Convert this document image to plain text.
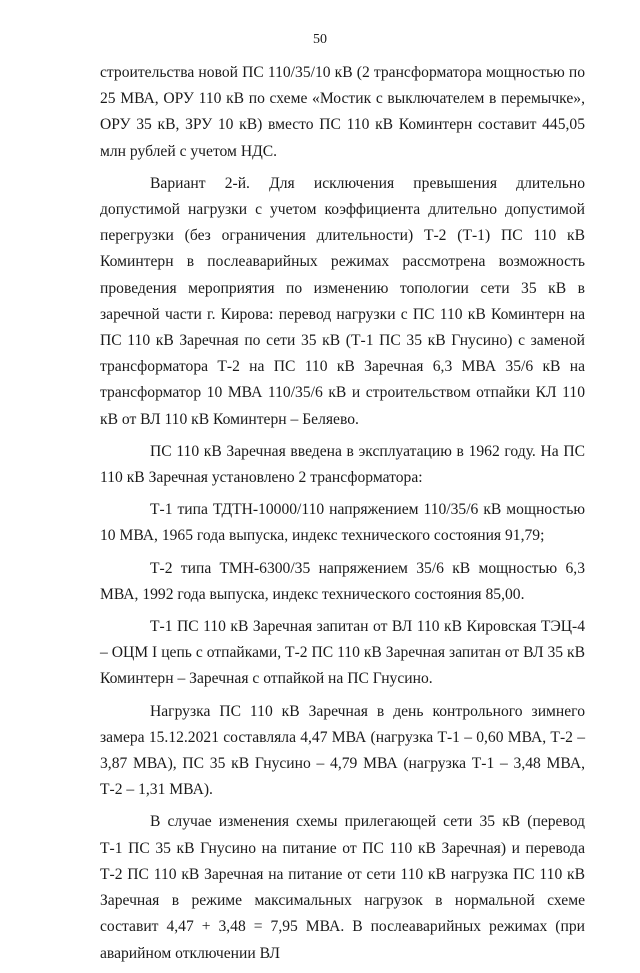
50

строительства новой ПС 110/35/10 кВ (2 трансформатора мощностью по 25 МВА, ОРУ 110 кВ по схеме «Мостик с выключателем в перемычке», ОРУ 35 кВ, ЗРУ 10 кВ) вместо ПС 110 кВ Коминтерн составит 445,05 млн рублей с учетом НДС.

Вариант 2-й. Для исключения превышения длительно допустимой нагрузки с учетом коэффициента длительно допустимой перегрузки (без ограничения длительности) Т-2 (Т-1) ПС 110 кВ Коминтерн в послеаварийных режимах рассмотрена возможность проведения мероприятия по изменению топологии сети 35 кВ в заречной части г. Кирова: перевод нагрузки с ПС 110 кВ Коминтерн на ПС 110 кВ Заречная по сети 35 кВ (Т-1 ПС 35 кВ Гнусино) с заменой трансформатора Т-2 на ПС 110 кВ Заречная 6,3 МВА 35/6 кВ на трансформатор 10 МВА 110/35/6 кВ и строительством отпайки КЛ 110 кВ от ВЛ 110 кВ Коминтерн – Беляево.

ПС 110 кВ Заречная введена в эксплуатацию в 1962 году. На ПС 110 кВ Заречная установлено 2 трансформатора:

Т-1 типа ТДТН-10000/110 напряжением 110/35/6 кВ мощностью 10 МВА, 1965 года выпуска, индекс технического состояния 91,79;

Т-2 типа ТМН-6300/35 напряжением 35/6 кВ мощностью 6,3 МВА, 1992 года выпуска, индекс технического состояния 85,00.

Т-1 ПС 110 кВ Заречная запитан от ВЛ 110 кВ Кировская ТЭЦ-4 – ОЦМ I цепь с отпайками, Т-2 ПС 110 кВ Заречная запитан от ВЛ 35 кВ Коминтерн – Заречная с отпайкой на ПС Гнусино.

Нагрузка ПС 110 кВ Заречная в день контрольного зимнего замера 15.12.2021 составляла 4,47 МВА (нагрузка Т-1 – 0,60 МВА, Т-2 – 3,87 МВА), ПС 35 кВ Гнусино – 4,79 МВА (нагрузка Т-1 – 3,48 МВА, Т-2 – 1,31 МВА).

В случае изменения схемы прилегающей сети 35 кВ (перевод Т-1 ПС 35 кВ Гнусино на питание от ПС 110 кВ Заречная) и перевода Т-2 ПС 110 кВ Заречная на питание от сети 110 кВ нагрузка ПС 110 кВ Заречная в режиме максимальных нагрузок в нормальной схеме составит 4,47 + 3,48 = 7,95 МВА. В послеаварийных режимах (при аварийном отключении ВЛ
